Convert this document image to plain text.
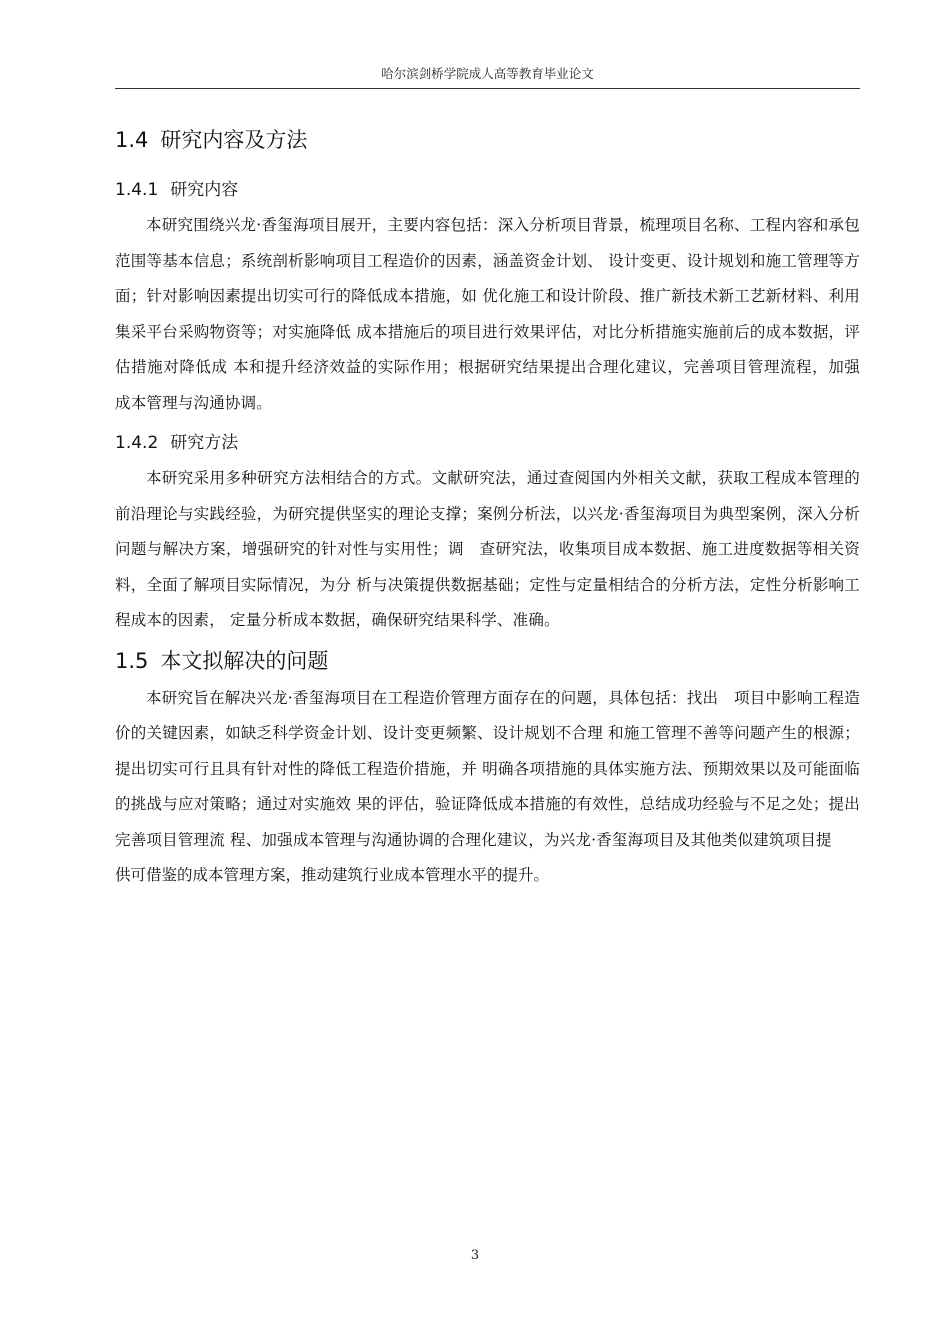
哈尔滨剑桥学院成人高等教育毕业论文
1.4 研究内容及方法
1.4.1 研究内容

本研究围绕兴龙·香玺海项目展开，主要内容包括：深入分析项目背景，梳理项目名称、工程内容和承包范围等基本信息；系统剖析影响项目工程造价的因素，涵盖资金计划、 设计变更、设计规划和施工管理等方面；针对影响因素提出切实可行的降低成本措施，如 优化施工和设计阶段、推广新技术新工艺新材料、利用集采平台采购物资等；对实施降低 成本措施后的项目进行效果评估，对比分析措施实施前后的成本数据，评估措施对降低成 本和提升经济效益的实际作用；根据研究结果提出合理化建议，完善项目管理流程，加强 成本管理与沟通协调。

1.4.2 研究方法

本研究采用多种研究方法相结合的方式。文献研究法，通过查阅国内外相关文献，获取工程成本管理的前沿理论与实践经验，为研究提供坚实的理论支撑；案例分析法，以兴龙·香玺海项目为典型案例，深入分析问题与解决方案，增强研究的针对性与实用性；调　查研究法，收集项目成本数据、施工进度数据等相关资料，全面了解项目实际情况，为分 析与决策提供数据基础；定性与定量相结合的分析方法，定性分析影响工程成本的因素， 定量分析成本数据，确保研究结果科学、准确。

1.5 本文拟解决的问题

本研究旨在解决兴龙·香玺海项目在工程造价管理方面存在的问题，具体包括：找出　项目中影响工程造价的关键因素，如缺乏科学资金计划、设计变更频繁、设计规划不合理 和施工管理不善等问题产生的根源；提出切实可行且具有针对性的降低工程造价措施，并 明确各项措施的具体实施方法、预期效果以及可能面临的挑战与应对策略；通过对实施效 果的评估，验证降低成本措施的有效性，总结成功经验与不足之处；提出完善项目管理流 程、加强成本管理与沟通协调的合理化建议，为兴龙·香玺海项目及其他类似建筑项目提

供可借鉴的成本管理方案，推动建筑行业成本管理水平的提升。

3
